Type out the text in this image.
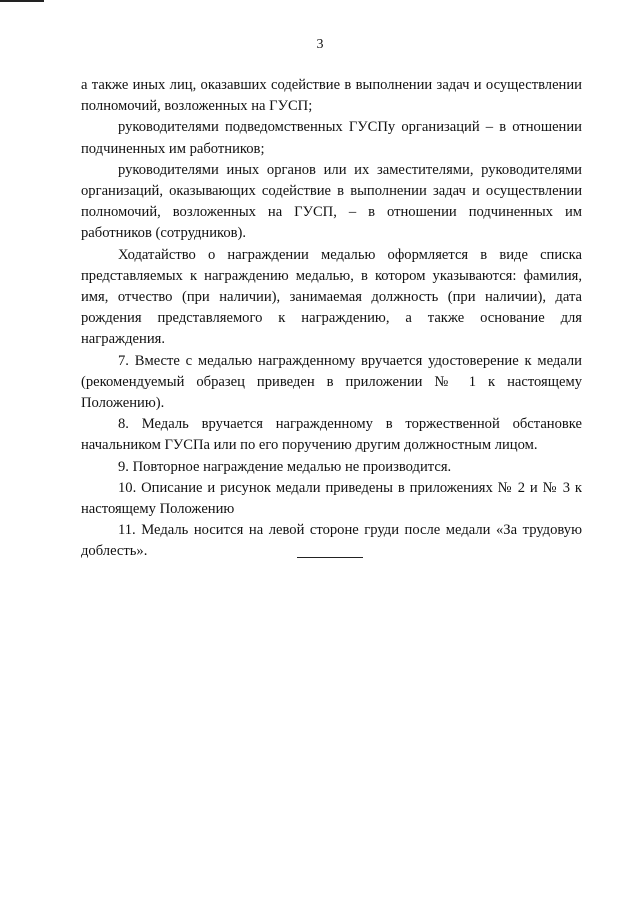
3

а также иных лиц, оказавших содействие в выполнении задач и осуществлении полномочий, возложенных на ГУСП;

руководителями подведомственных ГУСПу организаций – в отношении подчиненных им работников;

руководителями иных органов или их заместителями, руководителями организаций, оказывающих содействие в выполнении задач и осуществлении полномочий, возложенных на ГУСП, – в отношении подчиненных им работников (сотрудников).

Ходатайство о награждении медалью оформляется в виде списка представляемых к награждению медалью, в котором указываются: фамилия, имя, отчество (при наличии), занимаемая должность (при наличии), дата рождения представляемого к награждению, а также основание для награждения.

7. Вместе с медалью награжденному вручается удостоверение к медали (рекомендуемый образец приведен в приложении № 1 к настоящему Положению).

8. Медаль вручается награжденному в торжественной обстановке начальником ГУСПа или по его поручению другим должностным лицом.

9. Повторное награждение медалью не производится.

10. Описание и рисунок медали приведены в приложениях № 2 и № 3 к настоящему Положению

11. Медаль носится на левой стороне груди после медали «За трудовую доблесть».
